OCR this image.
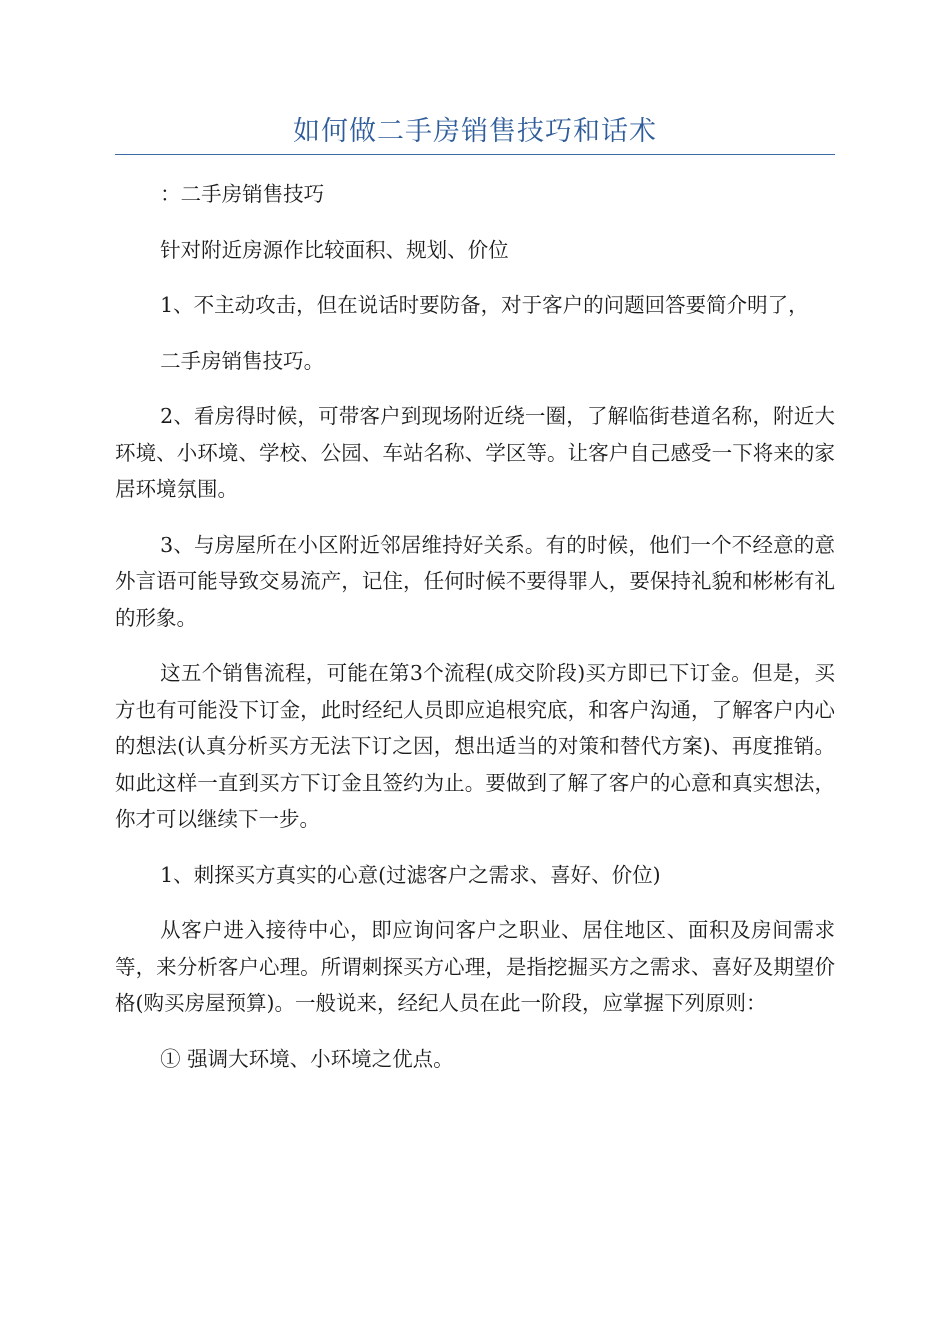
如何做二手房销售技巧和话术

：二手房销售技巧

针对附近房源作比较面积、规划、价位

1、不主动攻击，但在说话时要防备，对于客户的问题回答要简介明了，

二手房销售技巧。

2、看房得时候，可带客户到现场附近绕一圈，了解临街巷道名称，附近大环境、小环境、学校、公园、车站名称、学区等。让客户自己感受一下将来的家居环境氛围。

3、与房屋所在小区附近邻居维持好关系。有的时候，他们一个不经意的意外言语可能导致交易流产，记住，任何时候不要得罪人，要保持礼貌和彬彬有礼的形象。

这五个销售流程，可能在第3个流程(成交阶段)买方即已下订金。但是，买方也有可能没下订金，此时经纪人员即应追根究底，和客户沟通，了解客户内心的想法(认真分析买方无法下订之因，想出适当的对策和替代方案)、再度推销。如此这样一直到买方下订金且签约为止。要做到了解了客户的心意和真实想法，你才可以继续下一步。

1、刺探买方真实的心意(过滤客户之需求、喜好、价位)

从客户进入接待中心，即应询问客户之职业、居住地区、面积及房间需求等，来分析客户心理。所谓刺探买方心理，是指挖掘买方之需求、喜好及期望价格(购买房屋预算)。一般说来，经纪人员在此一阶段，应掌握下列原则：

① 强调大环境、小环境之优点。
